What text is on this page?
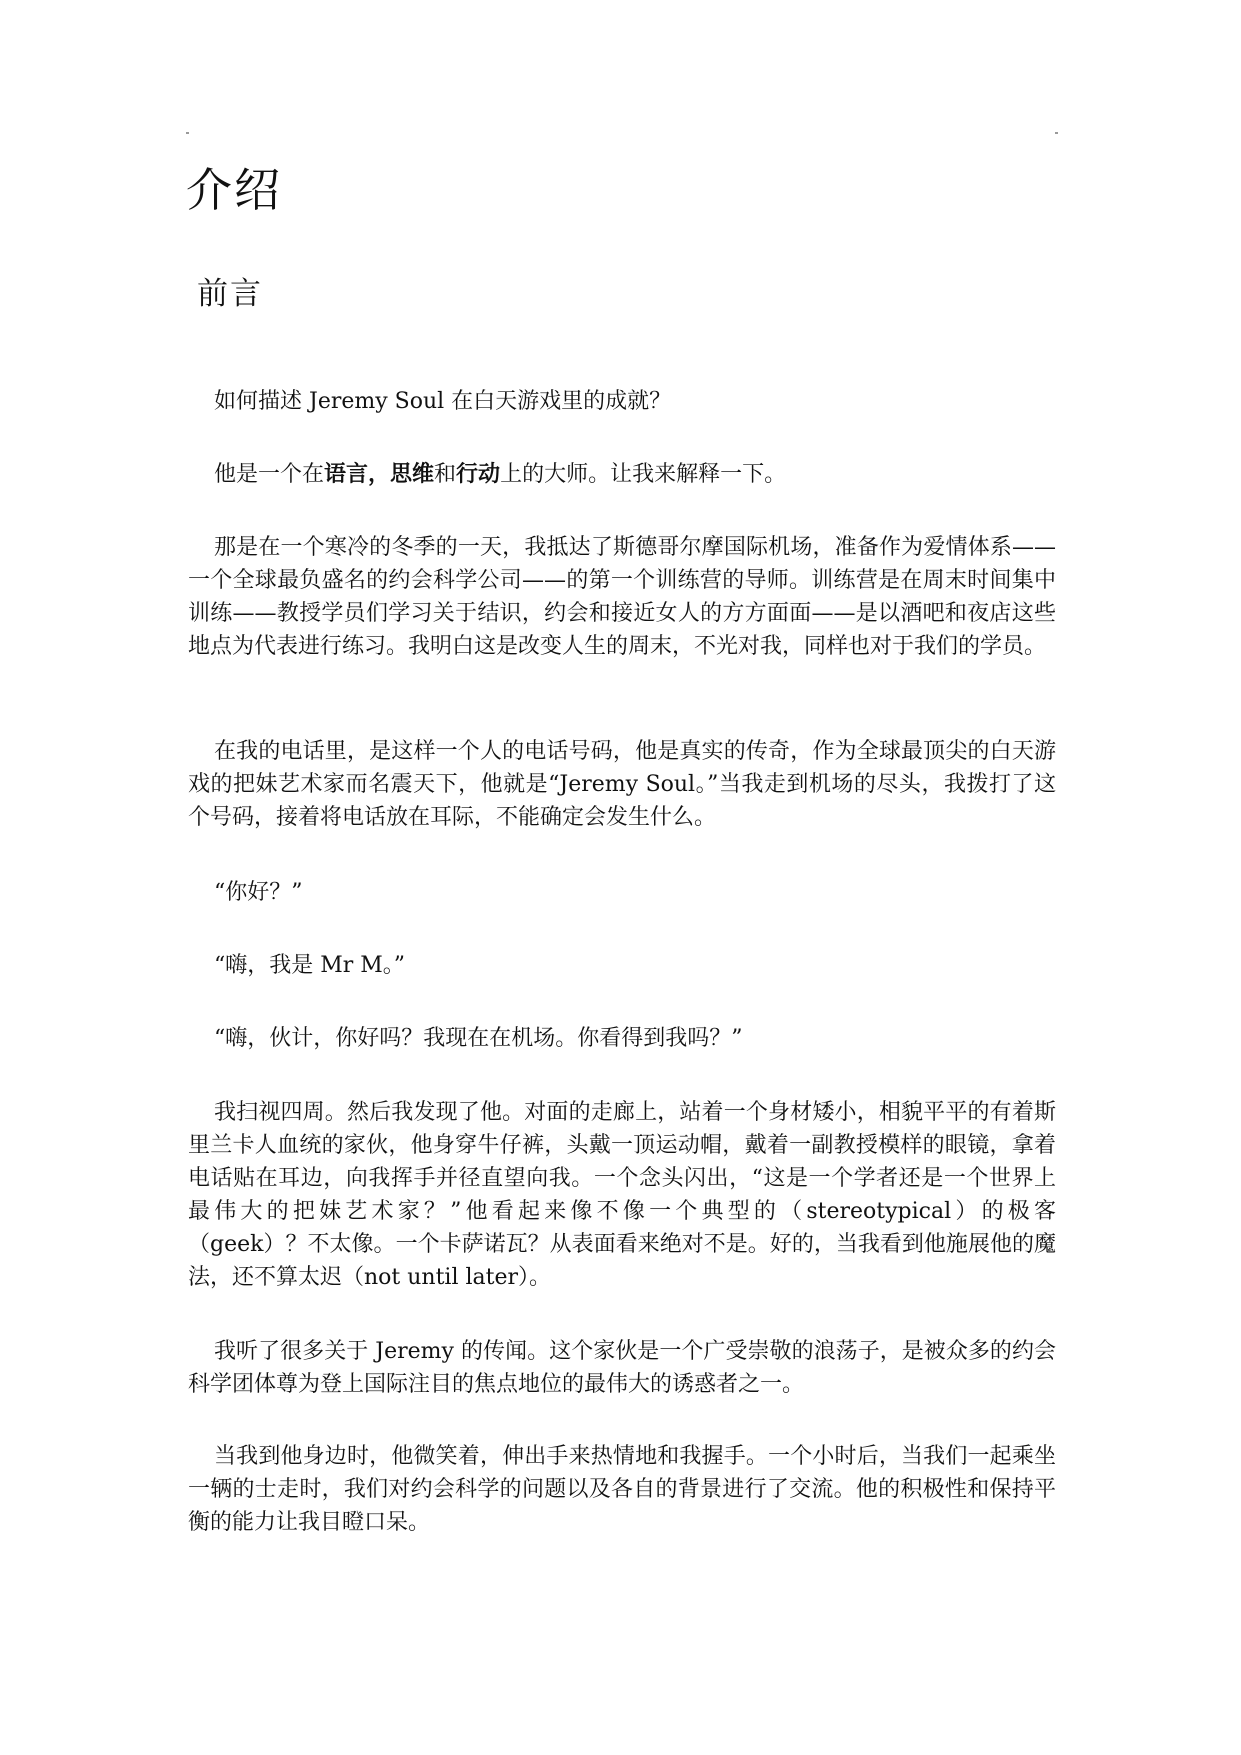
介绍
前言

如何描述 Jeremy Soul 在白天游戏里的成就？

他是一个在语言，思维和行动上的大师。让我来解释一下。

那是在一个寒冷的冬季的一天，我抵达了斯德哥尔摩国际机场，准备作为爱情体系——一个全球最负盛名的约会科学公司——的第一个训练营的导师。训练营是在周末时间集中训练——教授学员们学习关于结识，约会和接近女人的方方面面——是以酒吧和夜店这些地点为代表进行练习。我明白这是改变人生的周末，不光对我，同样也对于我们的学员。

在我的电话里，是这样一个人的电话号码，他是真实的传奇，作为全球最顶尖的白天游戏的把妹艺术家而名震天下，他就是“Jeremy Soul。”当我走到机场的尽头，我拨打了这个号码，接着将电话放在耳际，不能确定会发生什么。

“你好？”

“嗨，我是 Mr M。”

“嗨，伙计，你好吗？我现在在机场。你看得到我吗？”

我扫视四周。然后我发现了他。对面的走廊上，站着一个身材矮小，相貌平平的有着斯里兰卡人血统的家伙，他身穿牛仔裤，头戴一顶运动帽，戴着一副教授模样的眼镜，拿着电话贴在耳边，向我挥手并径直望向我。一个念头闪出，“这是一个学者还是一个世界上最伟大的把妹艺术家？”他看起来像不像一个典型的（stereotypical）的极客（geek）？不太像。一个卡萨诺瓦？从表面看来绝对不是。好的，当我看到他施展他的魔法，还不算太迟（not until later）。

我听了很多关于 Jeremy 的传闻。这个家伙是一个广受崇敬的浪荡子，是被众多的约会科学团体尊为登上国际注目的焦点地位的最伟大的诱惑者之一。

当我到他身边时，他微笑着，伸出手来热情地和我握手。一个小时后，当我们一起乘坐一辆的士走时，我们对约会科学的问题以及各自的背景进行了交流。他的积极性和保持平衡的能力让我目瞪口呆。
